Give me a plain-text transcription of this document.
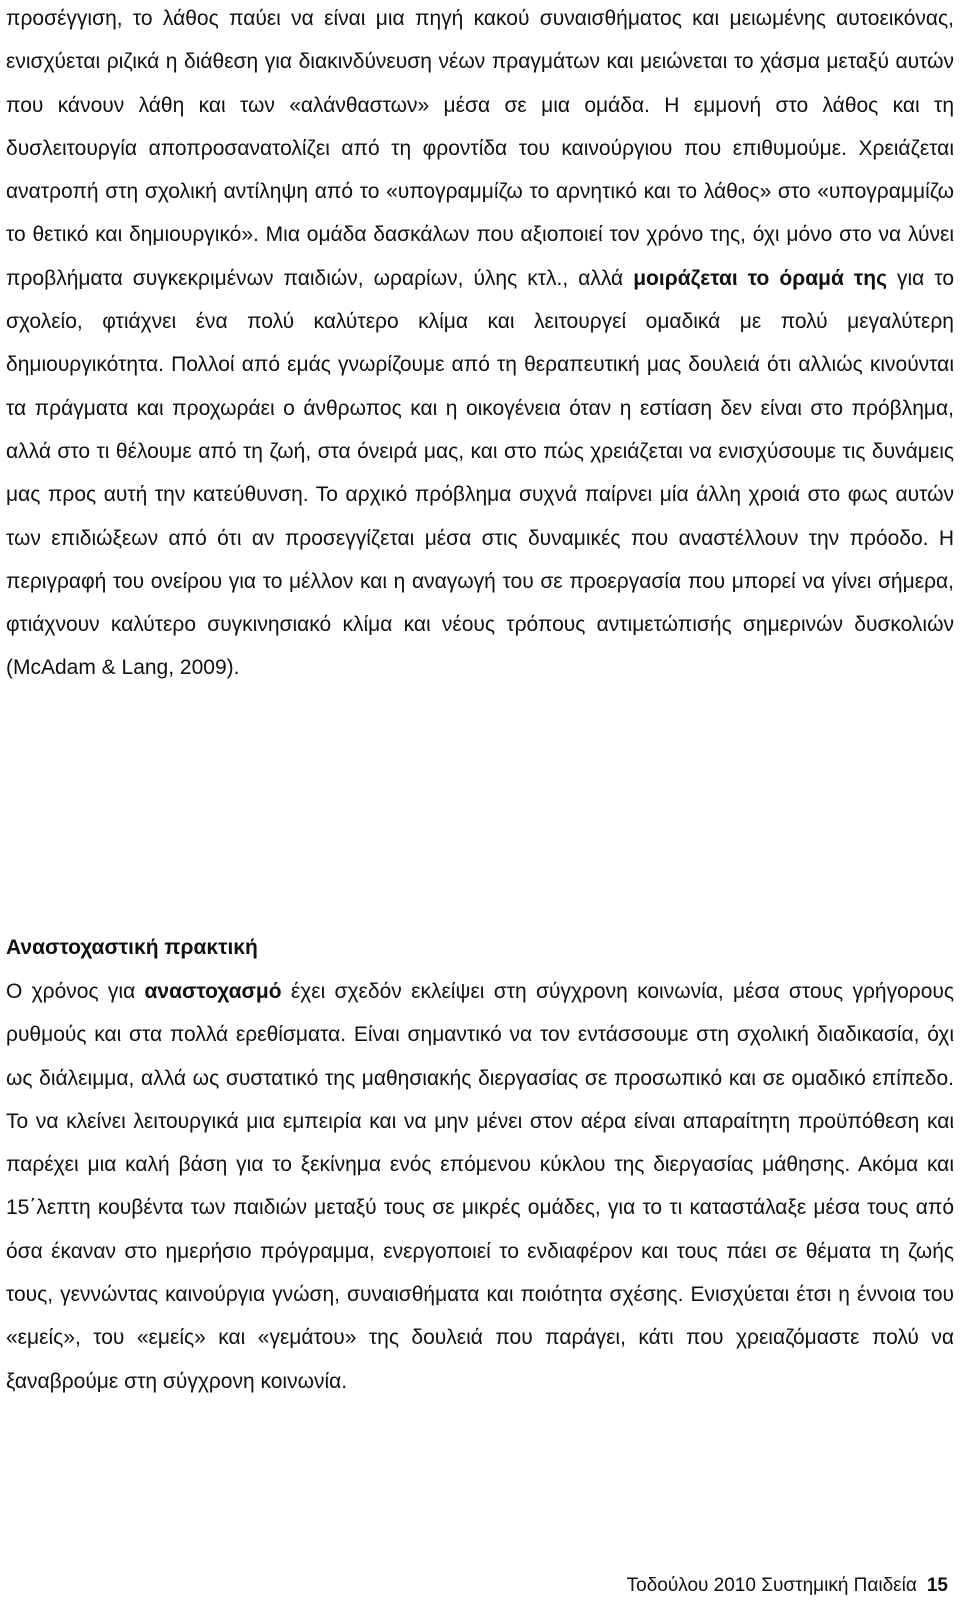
προσέγγιση, το λάθος παύει να είναι μια πηγή κακού συναισθήματος και μειωμένης αυτοεικόνας, ενισχύεται ριζικά η διάθεση για διακινδύνευση νέων πραγμάτων και μειώνεται το χάσμα μεταξύ αυτών που κάνουν λάθη και των «αλάνθαστων» μέσα σε μια ομάδα. Η εμμονή στο λάθος και τη δυσλειτουργία αποπροσανατολίζει από τη φροντίδα του καινούργιου που επιθυμούμε. Χρειάζεται ανατροπή στη σχολική αντίληψη από το «υπογραμμίζω το αρνητικό και το λάθος» στο «υπογραμμίζω το θετικό και δημιουργικό». Μια ομάδα δασκάλων που αξιοποιεί τον χρόνο της, όχι μόνο στο να λύνει προβλήματα συγκεκριμένων παιδιών, ωραρίων, ύλης κτλ., αλλά μοιράζεται το όραμά της για το σχολείο, φτιάχνει ένα πολύ καλύτερο κλίμα και λειτουργεί ομαδικά με πολύ μεγαλύτερη δημιουργικότητα. Πολλοί από εμάς γνωρίζουμε από τη θεραπευτική μας δουλειά ότι αλλιώς κινούνται τα πράγματα και προχωράει ο άνθρωπος και η οικογένεια όταν η εστίαση δεν είναι στο πρόβλημα, αλλά στο τι θέλουμε από τη ζωή, στα όνειρά μας, και στο πώς χρειάζεται να ενισχύσουμε τις δυνάμεις μας προς αυτή την κατεύθυνση. Το αρχικό πρόβλημα συχνά παίρνει μία άλλη χροιά στο φως αυτών των επιδιώξεων από ότι αν προσεγγίζεται μέσα στις δυναμικές που αναστέλλουν την πρόοδο. Η περιγραφή του ονείρου για το μέλλον και η αναγωγή του σε προεργασία που μπορεί να γίνει σήμερα, φτιάχνουν καλύτερο συγκινησιακό κλίμα και νέους τρόπους αντιμετώπισής σημερινών δυσκολιών (McAdam & Lang, 2009).

Αναστοχαστική πρακτική

Ο χρόνος για αναστοχασμό έχει σχεδόν εκλείψει στη σύγχρονη κοινωνία, μέσα στους γρήγορους ρυθμούς και στα πολλά ερεθίσματα. Είναι σημαντικό να τον εντάσσουμε στη σχολική διαδικασία, όχι ως διάλειμμα, αλλά ως συστατικό της μαθησιακής διεργασίας σε προσωπικό και σε ομαδικό επίπεδο. Το να κλείνει λειτουργικά μια εμπειρία και να μην μένει στον αέρα είναι απαραίτητη προϋπόθεση και παρέχει μια καλή βάση για το ξεκίνημα ενός επόμενου κύκλου της διεργασίας μάθησης. Ακόμα και 15΄λεπτη κουβέντα των παιδιών μεταξύ τους σε μικρές ομάδες, για το τι καταστάλαξε μέσα τους από όσα έκαναν στο ημερήσιο πρόγραμμα, ενεργοποιεί το ενδιαφέρον και τους πάει σε θέματα τη ζωής τους, γεννώντας καινούργια γνώση, συναισθήματα και ποιότητα σχέσης. Ενισχύεται έτσι η έννοια του «εμείς», του «εμείς» και «γεμάτου» της δουλειά που παράγει, κάτι που χρειαζόμαστε πολύ να ξαναβρούμε στη σύγχρονη κοινωνία.

Τοδούλου 2010 Συστημική Παιδεία 15
